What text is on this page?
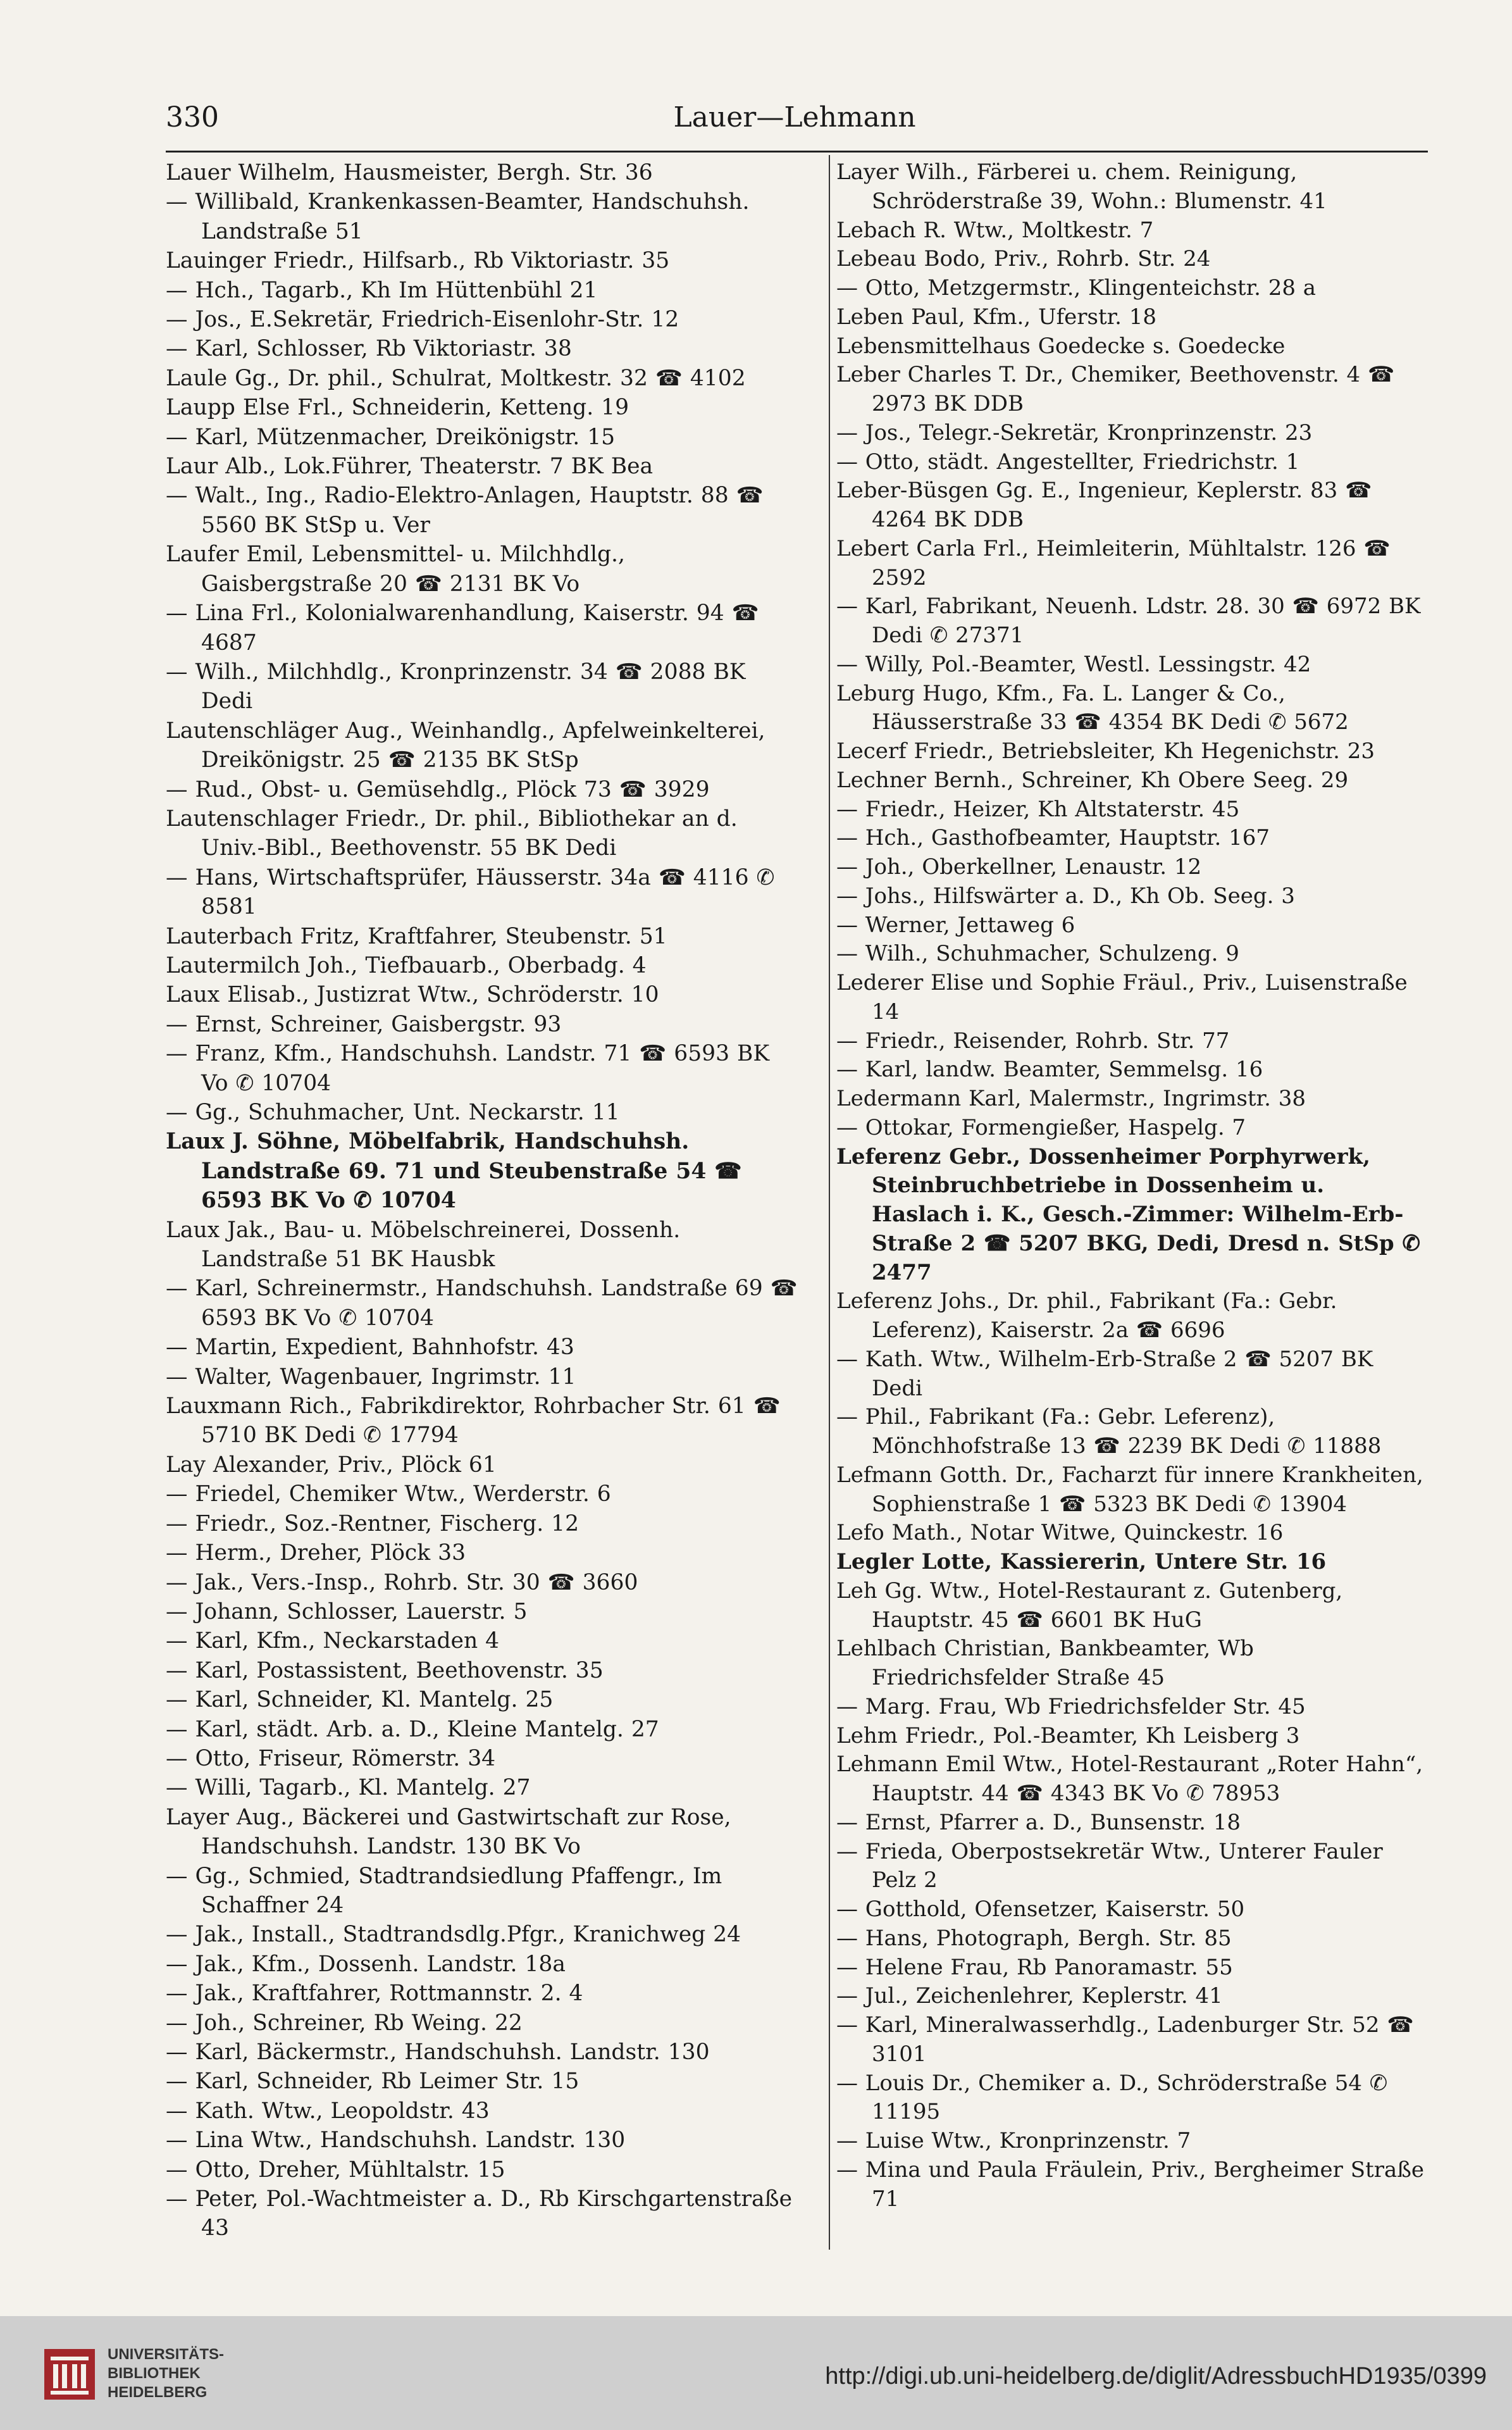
330	Lauer—Lehmann
Lauer Wilhelm, Hausmeister, Bergh. Str. 36
— Willibald, Krankenkassen-Beamter, Handschuhsh. Landstraße 51
Lauinger Friedr., Hilfsarb., Rb Viktoriastr. 35
— Hch., Tagarb., Kh Im Hüttenbühl 21
— Jos., E.Sekretär, Friedrich-Eisenlohr-Str. 12
— Karl, Schlosser, Rb Viktoriastr. 38
Laule Gg., Dr. phil., Schulrat, Moltkestr. 32 ☎ 4102
Laupp Else Frl., Schneiderin, Ketteng. 19
— Karl, Mützenmacher, Dreikönigstr. 15
Laur Alb., Lok.Führer, Theaterstr. 7 BK Bea
— Walt., Ing., Radio-Elektro-Anlagen, Hauptstr. 88 ☎ 5560 BK StSp u. Ver
Laufer Emil, Lebensmittel- u. Milchhdlg., Gaisbergstraße 20 ☎ 2131 BK Vo
— Lina Frl., Kolonialwarenhandlung, Kaiserstr. 94 ☎ 4687
— Wilh., Milchhdlg., Kronprinzenstr. 34 ☎ 2088 BK Dedi
Lautenschläger Aug., Weinhandlg., Apfelweinkelterei, Dreikönigstr. 25 ☎ 2135 BK StSp
— Rud., Obst- u. Gemüsehdlg., Plöck 73 ☎ 3929
Lautenschlager Friedr., Dr. phil., Bibliothekar an d. Univ.-Bibl., Beethovenstr. 55 BK Dedi
— Hans, Wirtschaftsprüfer, Häusserstr. 34a ☎ 4116 ✆ 8581
Lauterbach Fritz, Kraftfahrer, Steubenstr. 51
Lautermilch Joh., Tiefbauarb., Oberbadg. 4
Laux Elisab., Justizrat Wtw., Schröderstr. 10
— Ernst, Schreiner, Gaisbergstr. 93
— Franz, Kfm., Handschuhsh. Landstr. 71 ☎ 6593 BK Vo ✆ 10704
— Gg., Schuhmacher, Unt. Neckarstr. 11
Laux J. Söhne, Möbelfabrik, Handschuhsh. Landstraße 69. 71 und Steubenstraße 54 ☎ 6593 BK Vo ✆ 10704
Laux Jak., Bau- u. Möbelschreinerei, Dossenh. Landstraße 51 BK Hausbk
— Karl, Schreinermstr., Handschuhsh. Landstraße 69 ☎ 6593 BK Vo ✆ 10704
— Martin, Expedient, Bahnhofstr. 43
— Walter, Wagenbauer, Ingrimstr. 11
Lauxmann Rich., Fabrikdirektor, Rohrbacher Str. 61 ☎ 5710 BK Dedi ✆ 17794
Lay Alexander, Priv., Plöck 61
— Friedel, Chemiker Wtw., Werderstr. 6
— Friedr., Soz.-Rentner, Fischerg. 12
— Herm., Dreher, Plöck 33
— Jak., Vers.-Insp., Rohrb. Str. 30 ☎ 3660
— Johann, Schlosser, Lauerstr. 5
— Karl, Kfm., Neckarstaden 4
— Karl, Postassistent, Beethovenstr. 35
— Karl, Schneider, Kl. Mantelg. 25
— Karl, städt. Arb. a. D., Kleine Mantelg. 27
— Otto, Friseur, Römerstr. 34
— Willi, Tagarb., Kl. Mantelg. 27
Layer Aug., Bäckerei und Gastwirtschaft zur Rose, Handschuhsh. Landstr. 130 BK Vo
— Gg., Schmied, Stadtrandsiedlung Pfaffengr., Im Schaffner 24
— Jak., Install., Stadtrandsdlg.Pfgr., Kranichweg 24
— Jak., Kfm., Dossenh. Landstr. 18a
— Jak., Kraftfahrer, Rottmannstr. 2. 4
— Joh., Schreiner, Rb Weing. 22
— Karl, Bäckermstr., Handschuhsh. Landstr. 130
— Karl, Schneider, Rb Leimer Str. 15
— Kath. Wtw., Leopoldstr. 43
— Lina Wtw., Handschuhsh. Landstr. 130
— Otto, Dreher, Mühltalstr. 15
— Peter, Pol.-Wachtmeister a. D., Rb Kirschgartenstraße 43
Layer Wilh., Färberei u. chem. Reinigung, Schröderstraße 39, Wohn.: Blumenstr. 41
Lebach R. Wtw., Moltkestr. 7
Lebeau Bodo, Priv., Rohrb. Str. 24
— Otto, Metzgermstr., Klingenteichstr. 28 a
Leben Paul, Kfm., Uferstr. 18
Lebensmittelhaus Goedecke s. Goedecke
Leber Charles T. Dr., Chemiker, Beethovenstr. 4 ☎ 2973 BK DDB
— Jos., Telegr.-Sekretär, Kronprinzenstr. 23
— Otto, städt. Angestellter, Friedrichstr. 1
Leber-Büsgen Gg. E., Ingenieur, Keplerstr. 83 ☎ 4264 BK DDB
Lebert Carla Frl., Heimleiterin, Mühltalstr. 126 ☎ 2592
— Karl, Fabrikant, Neuenh. Ldstr. 28. 30 ☎ 6972 BK Dedi ✆ 27371
— Willy, Pol.-Beamter, Westl. Lessingstr. 42
Leburg Hugo, Kfm., Fa. L. Langer & Co., Häusserstraße 33 ☎ 4354 BK Dedi ✆ 5672
Lecerf Friedr., Betriebsleiter, Kh Hegenichstr. 23
Lechner Bernh., Schreiner, Kh Obere Seeg. 29
— Friedr., Heizer, Kh Altstaterstr. 45
— Hch., Gasthofbeamter, Hauptstr. 167
— Joh., Oberkellner, Lenaustr. 12
— Johs., Hilfswärter a. D., Kh Ob. Seeg. 3
— Werner, Jettaweg 6
— Wilh., Schuhmacher, Schulzeng. 9
Lederer Elise und Sophie Fräul., Priv., Luisenstraße 14
— Friedr., Reisender, Rohrb. Str. 77
— Karl, landw. Beamter, Semmelsg. 16
Ledermann Karl, Malermstr., Ingrimstr. 38
— Ottokar, Formengießer, Haspelg. 7
Leferenz Gebr., Dossenheimer Porphyrwerk, Steinbruchbetriebe in Dossenheim u. Haslach i. K., Gesch.-Zimmer: Wilhelm-Erb-Straße 2 ☎ 5207 BKG, Dedi, Dresd n. StSp ✆ 2477
Leferenz Johs., Dr. phil., Fabrikant (Fa.: Gebr. Leferenz), Kaiserstr. 2a ☎ 6696
— Kath. Wtw., Wilhelm-Erb-Straße 2 ☎ 5207 BK Dedi
— Phil., Fabrikant (Fa.: Gebr. Leferenz), Mönchhofstraße 13 ☎ 2239 BK Dedi ✆ 11888
Lefmann Gotth. Dr., Facharzt für innere Krankheiten, Sophienstraße 1 ☎ 5323 BK Dedi ✆ 13904
Lefo Math., Notar Witwe, Quinckestr. 16
Legler Lotte, Kassiererin, Untere Str. 16
Leh Gg. Wtw., Hotel-Restaurant z. Gutenberg, Hauptstr. 45 ☎ 6601 BK HuG
Lehlbach Christian, Bankbeamter, Wb Friedrichsfelder Straße 45
— Marg. Frau, Wb Friedrichsfelder Str. 45
Lehm Friedr., Pol.-Beamter, Kh Leisberg 3
Lehmann Emil Wtw., Hotel-Restaurant „Roter Hahn“, Hauptstr. 44 ☎ 4343 BK Vo ✆ 78953
— Ernst, Pfarrer a. D., Bunsenstr. 18
— Frieda, Oberpostsekretär Wtw., Unterer Fauler Pelz 2
— Gotthold, Ofensetzer, Kaiserstr. 50
— Hans, Photograph, Bergh. Str. 85
— Helene Frau, Rb Panoramastr. 55
— Jul., Zeichenlehrer, Keplerstr. 41
— Karl, Mineralwasserhdlg., Ladenburger Str. 52 ☎ 3101
— Louis Dr., Chemiker a. D., Schröderstraße 54 ✆ 11195
— Luise Wtw., Kronprinzenstr. 7
— Mina und Paula Fräulein, Priv., Bergheimer Straße 71
UNIVERSITÄTS-
BIBLIOTHEK
HEIDELBERG
http://digi.ub.uni-heidelberg.de/diglit/AdressbuchHD1935/0399
